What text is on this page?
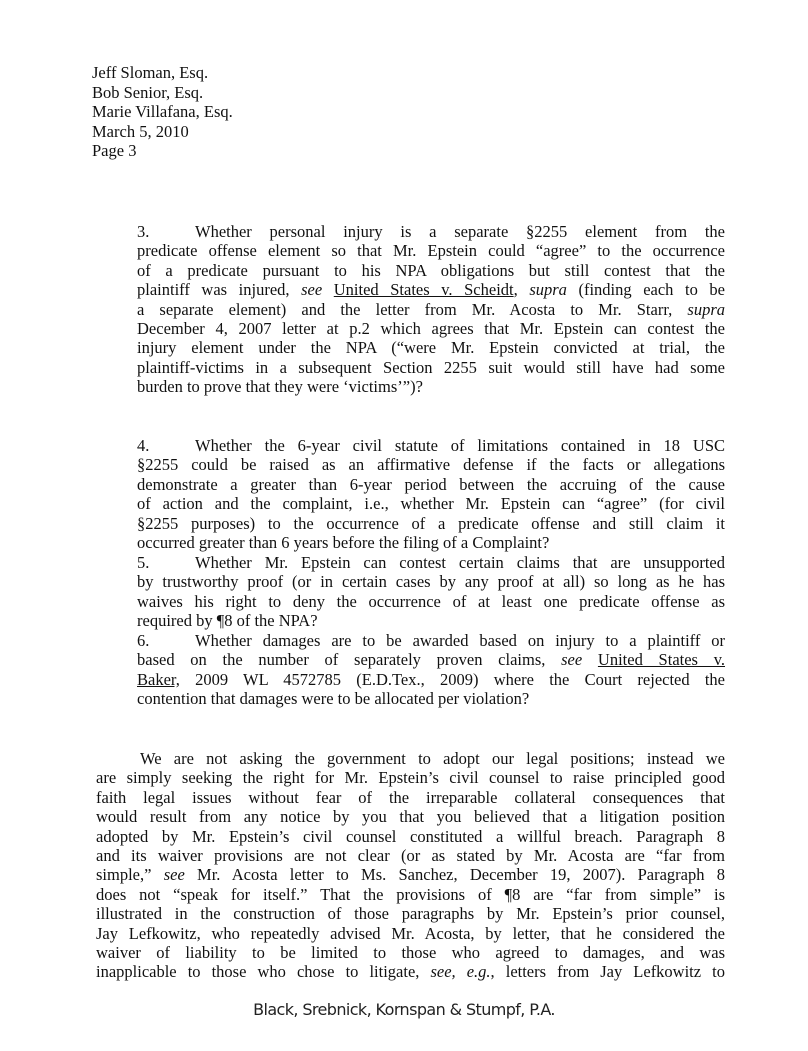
Jeff Sloman, Esq.
Bob Senior, Esq.
Marie Villafana, Esq.
March 5, 2010
Page 3
3.	Whether personal injury is a separate §2255 element from the
predicate offense element so that Mr. Epstein could “agree” to the occurrence
of a predicate pursuant to his NPA obligations but still contest that the
plaintiff was injured, see United States v. Scheidt, supra (finding each to be
a separate element) and the letter from Mr. Acosta to Mr. Starr, supra
December 4, 2007 letter at p.2 which agrees that Mr. Epstein can contest the
injury element under the NPA (“were Mr. Epstein convicted at trial, the
plaintiff-victims in a subsequent Section 2255 suit would still have had some
burden to prove that they were ‘victims’”)?
4.	Whether the 6-year civil statute of limitations contained in 18 USC
§2255 could be raised as an affirmative defense if the facts or allegations
demonstrate a greater than 6-year period between the accruing of the cause
of action and the complaint, i.e., whether Mr. Epstein can “agree” (for civil
§2255 purposes) to the occurrence of a predicate offense and still claim it
occurred greater than 6 years before the filing of a Complaint?
5.	Whether Mr. Epstein can contest certain claims that are unsupported
by trustworthy proof (or in certain cases by any proof at all) so long as he has
waives his right to deny the occurrence of at least one predicate offense as
required by ¶8 of the NPA?
6.	Whether damages are to be awarded based on injury to a plaintiff or
based on the number of separately proven claims, see United States v.
Baker, 2009 WL 4572785 (E.D.Tex., 2009) where the Court rejected the
contention that damages were to be allocated per violation?
We are not asking the government to adopt our legal positions; instead we
are simply seeking the right for Mr. Epstein’s civil counsel to raise principled good
faith legal issues without fear of the irreparable collateral consequences that
would result from any notice by you that you believed that a litigation position
adopted by Mr. Epstein’s civil counsel constituted a willful breach. Paragraph 8
and its waiver provisions are not clear (or as stated by Mr. Acosta are “far from
simple,” see Mr. Acosta letter to Ms. Sanchez, December 19, 2007). Paragraph 8
does not “speak for itself.” That the provisions of ¶8 are “far from simple” is
illustrated in the construction of those paragraphs by Mr. Epstein’s prior counsel,
Jay Lefkowitz, who repeatedly advised Mr. Acosta, by letter, that he considered the
waiver of liability to be limited to those who agreed to damages, and was
inapplicable to those who chose to litigate, see, e.g., letters from Jay Lefkowitz to
Black, Srebnick, Kornspan & Stumpf, P.A.
